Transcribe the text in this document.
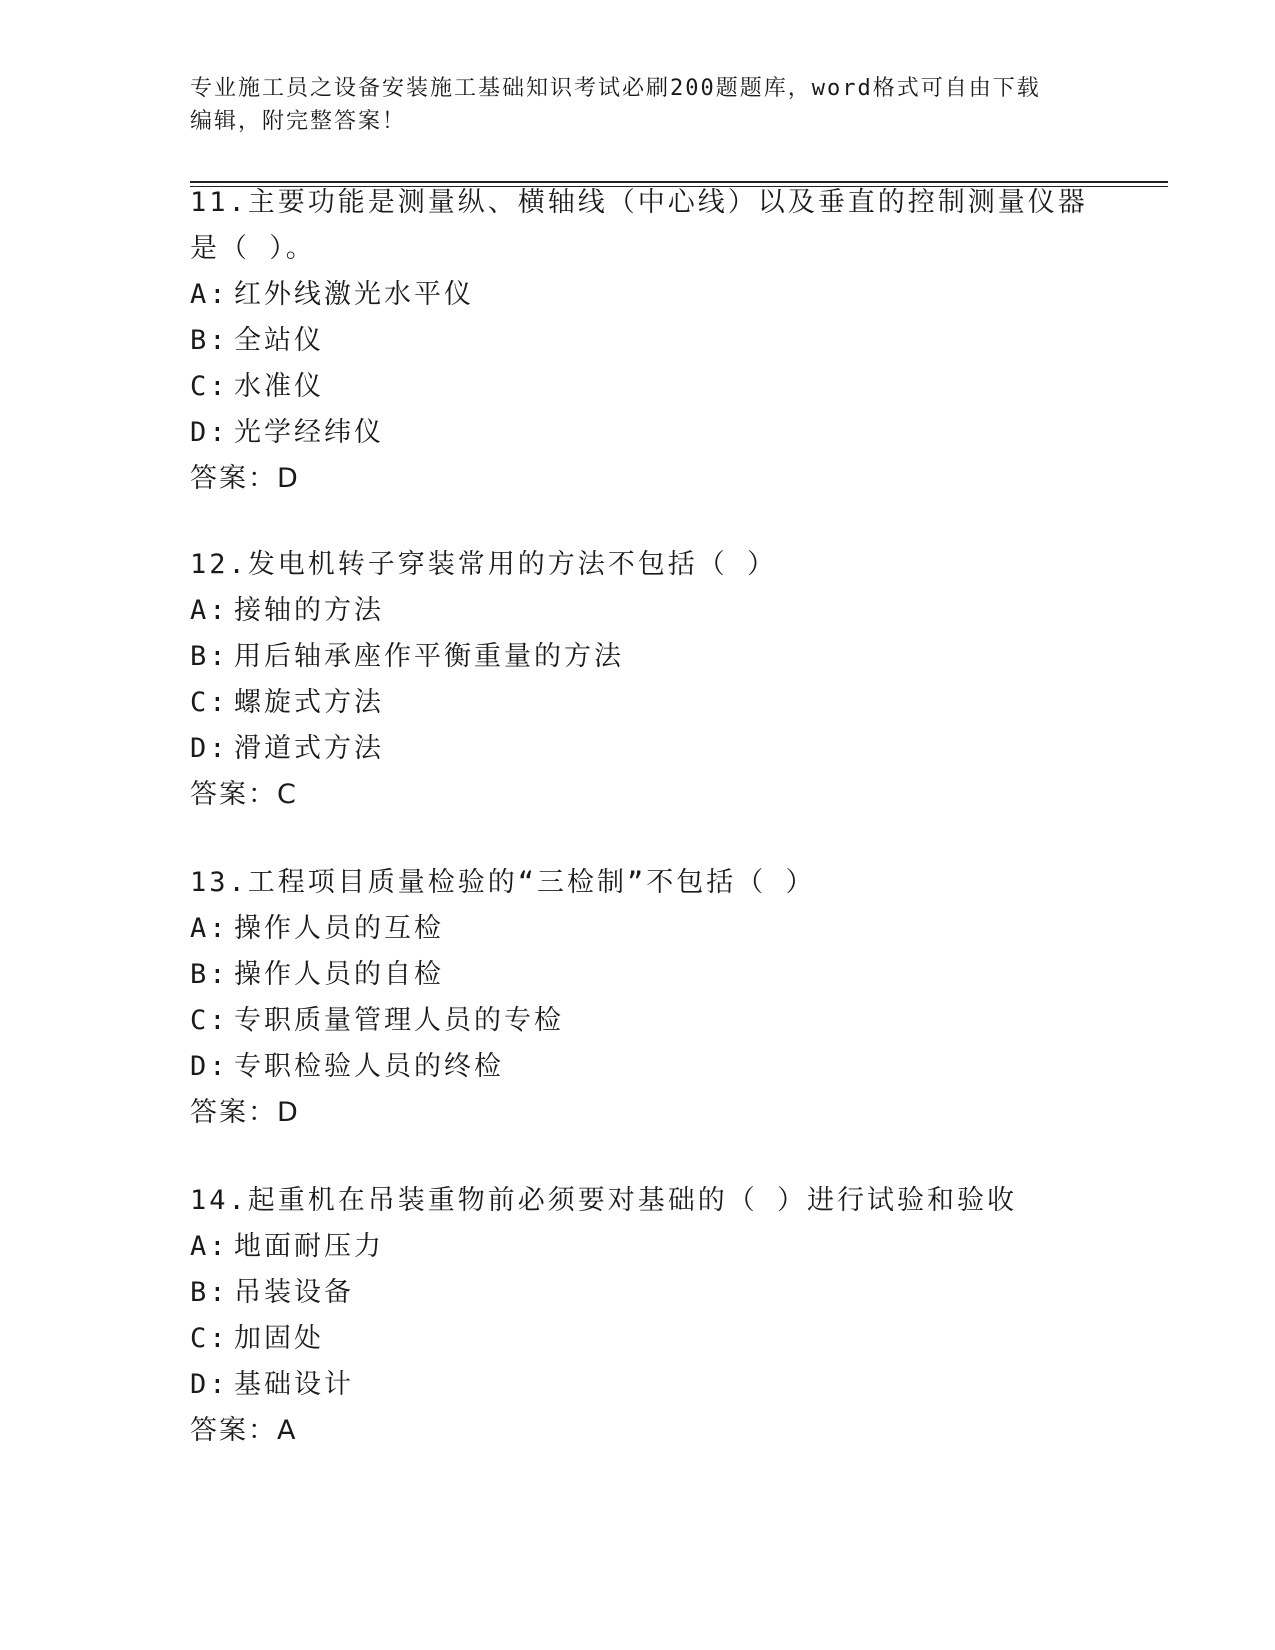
专业施工员之设备安装施工基础知识考试必刷200题题库，word格式可自由下载
编辑，附完整答案！
11.主要功能是测量纵、横轴线（中心线）以及垂直的控制测量仪器是（ ）。
A: 红外线激光水平仪
B: 全站仪
C: 水准仪
D: 光学经纬仪
答案：D
12.发电机转子穿装常用的方法不包括（ ）
A: 接轴的方法
B: 用后轴承座作平衡重量的方法
C: 螺旋式方法
D: 滑道式方法
答案：C
13.工程项目质量检验的“三检制”不包括（ ）
A: 操作人员的互检
B: 操作人员的自检
C: 专职质量管理人员的专检
D: 专职检验人员的终检
答案：D
14.起重机在吊装重物前必须要对基础的（ ）进行试验和验收
A: 地面耐压力
B: 吊装设备
C: 加固处
D: 基础设计
答案：A
